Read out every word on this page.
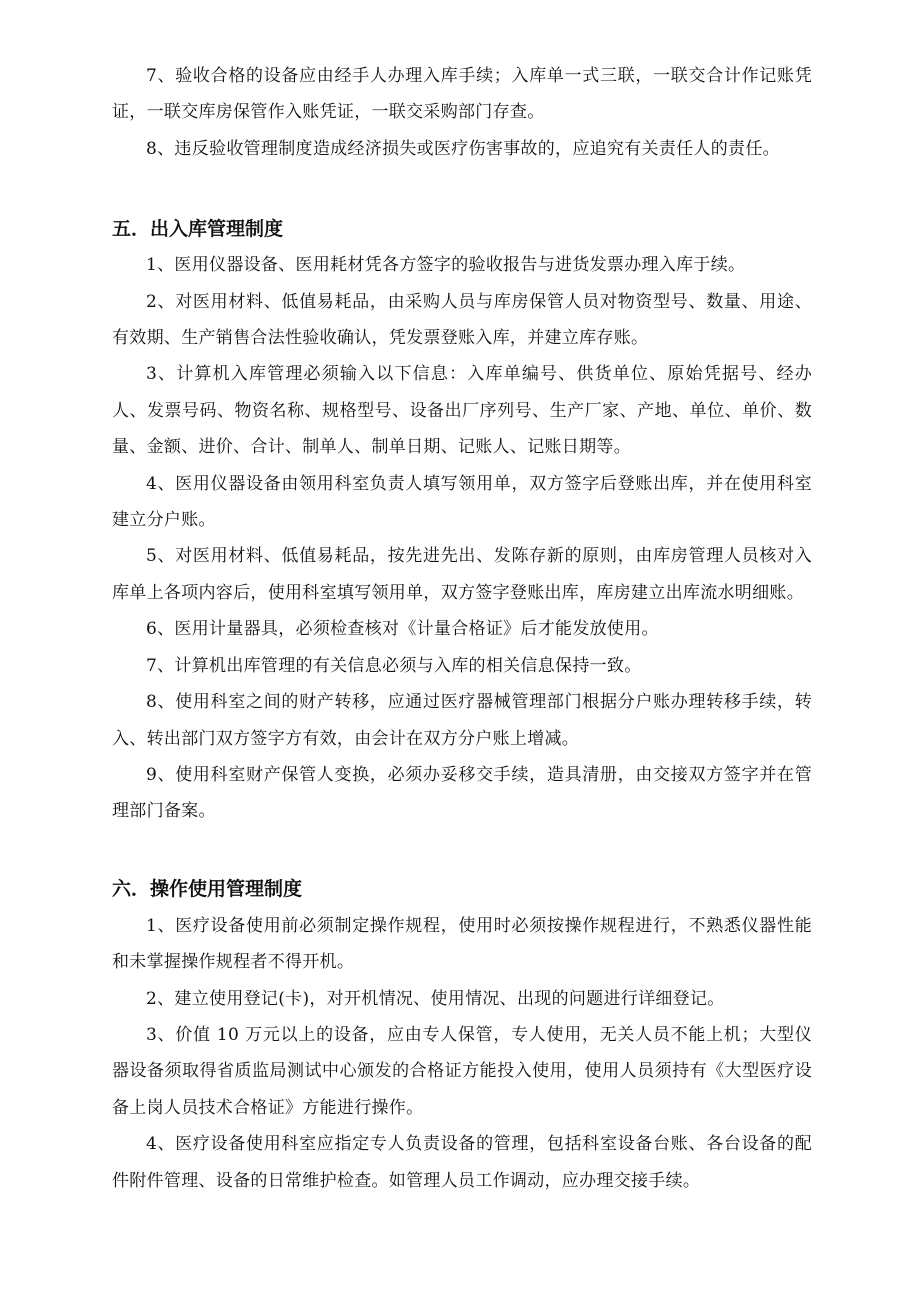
7、验收合格的设备应由经手人办理入库手续；入库单一式三联，一联交合计作记账凭证，一联交库房保管作入账凭证，一联交采购部门存查。

8、违反验收管理制度造成经济损失或医疗伤害事故的，应追究有关责任人的责任。

五．出入库管理制度

1、医用仪器设备、医用耗材凭各方签字的验收报告与进货发票办理入库于续。

2、对医用材料、低值易耗品，由采购人员与库房保管人员对物资型号、数量、用途、有效期、生产销售合法性验收确认，凭发票登账入库，并建立库存账。

3、计算机入库管理必须输入以下信息：入库单编号、供货单位、原始凭据号、经办人、发票号码、物资名称、规格型号、设备出厂序列号、生产厂家、产地、单位、单价、数量、金额、进价、合计、制单人、制单日期、记账人、记账日期等。

4、医用仪器设备由领用科室负责人填写领用单，双方签字后登账出库，并在使用科室建立分户账。

5、对医用材料、低值易耗品，按先进先出、发陈存新的原则，由库房管理人员核对入库单上各项内容后，使用科室填写领用单，双方签字登账出库，库房建立出库流水明细账。

6、医用计量器具，必须检查核对《计量合格证》后才能发放使用。

7、计算机出库管理的有关信息必须与入库的相关信息保持一致。

8、使用科室之间的财产转移，应通过医疗器械管理部门根据分户账办理转移手续，转入、转出部门双方签字方有效，由会计在双方分户账上增减。

9、使用科室财产保管人变换，必须办妥移交手续，造具清册，由交接双方签字并在管理部门备案。

六．操作使用管理制度

1、医疗设备使用前必须制定操作规程，使用时必须按操作规程进行，不熟悉仪器性能和未掌握操作规程者不得开机。

2、建立使用登记(卡)，对开机情况、使用情况、出现的问题进行详细登记。

3、价值 10 万元以上的设备，应由专人保管，专人使用，无关人员不能上机；大型仪器设备须取得省质监局测试中心颁发的合格证方能投入使用，使用人员须持有《大型医疗设备上岗人员技术合格证》方能进行操作。

4、医疗设备使用科室应指定专人负责设备的管理，包括科室设备台账、各台设备的配件附件管理、设备的日常维护检查。如管理人员工作调动，应办理交接手续。
